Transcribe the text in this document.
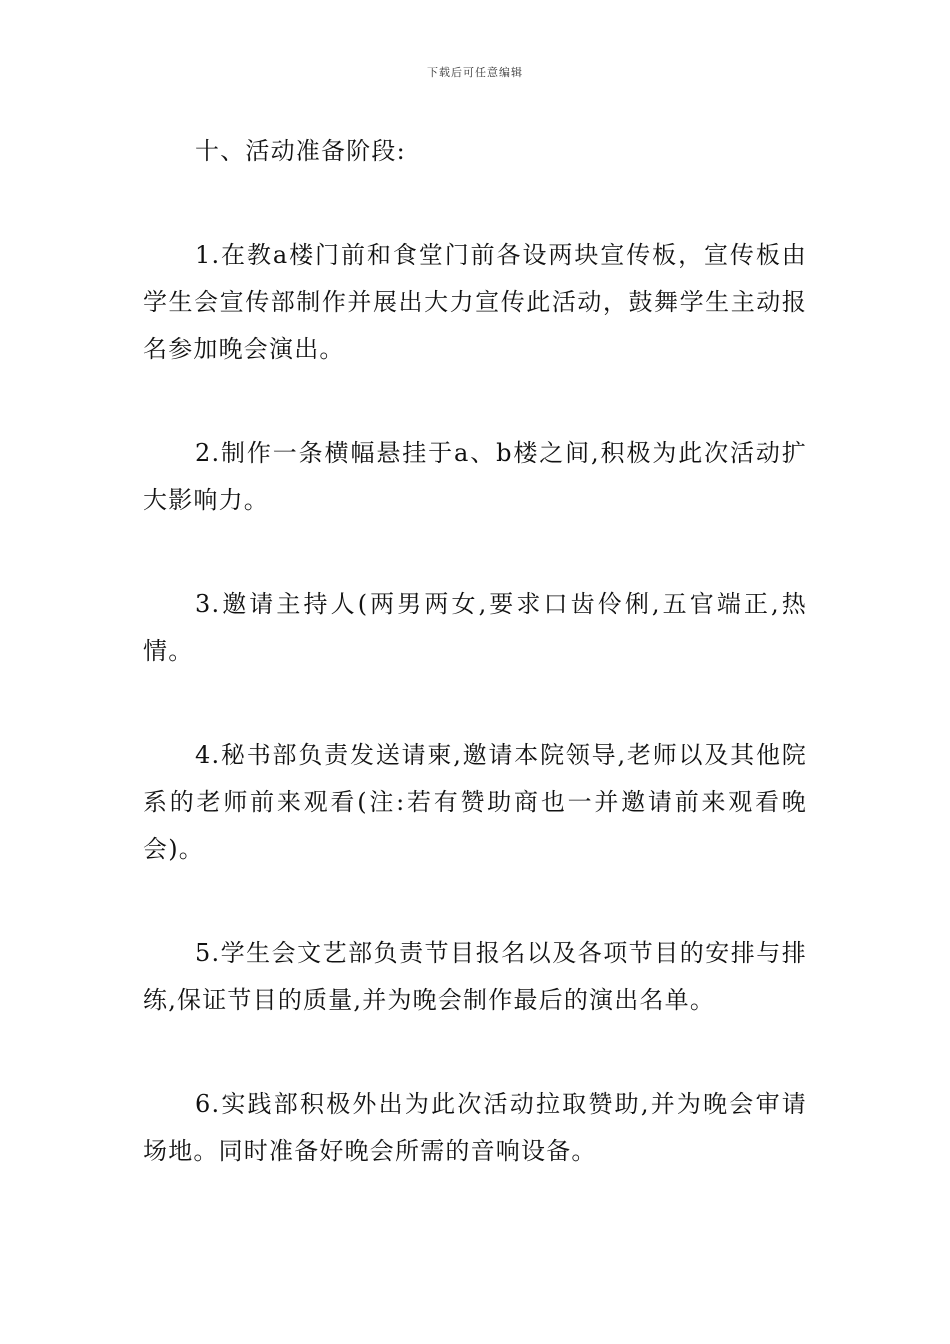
下载后可任意编辑

十、活动准备阶段:

1.在教a楼门前和食堂门前各设两块宣传板，宣传板由学生会宣传部制作并展出大力宣传此活动，鼓舞学生主动报名参加晚会演出。

2.制作一条横幅悬挂于a、b楼之间,积极为此次活动扩大影响力。

3.邀请主持人(两男两女,要求口齿伶俐,五官端正,热情。

4.秘书部负责发送请柬,邀请本院领导,老师以及其他院系的老师前来观看(注:若有赞助商也一并邀请前来观看晚会)。

5.学生会文艺部负责节目报名以及各项节目的安排与排练,保证节目的质量,并为晚会制作最后的演出名单。

6.实践部积极外出为此次活动拉取赞助,并为晚会审请场地。同时准备好晚会所需的音响设备。
